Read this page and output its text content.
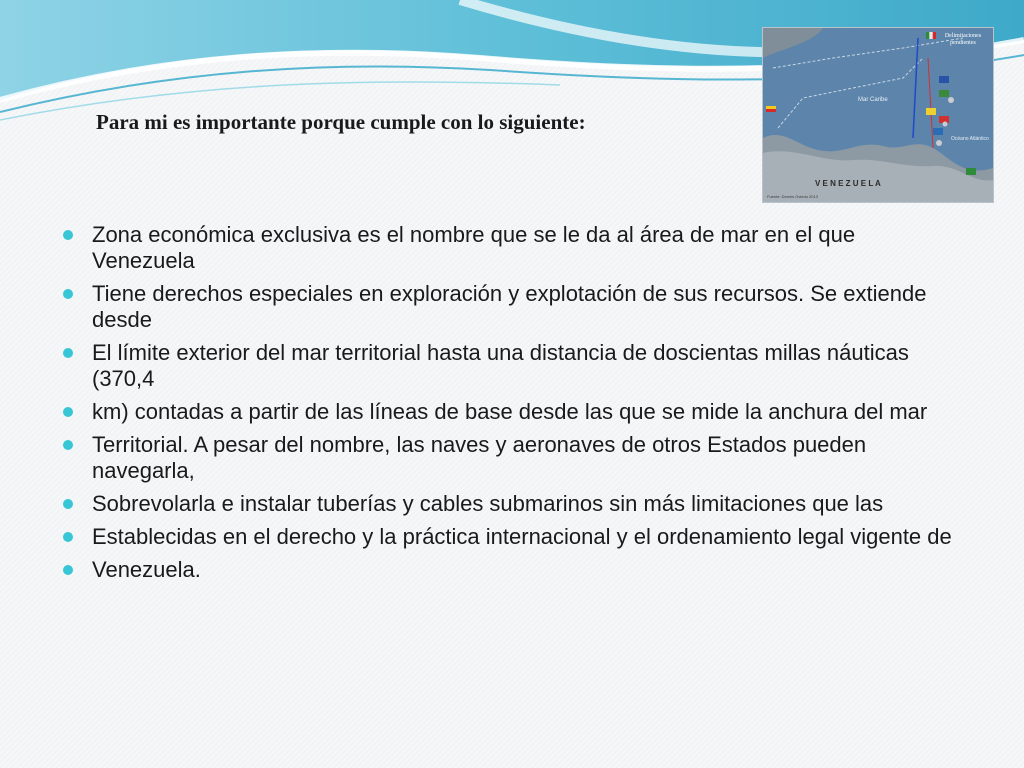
Para mi es importante porque cumple con lo siguiente:
Delimitaciones
pendientes
Mar Caribe
Océano Atlántico
V E N E Z U E L A
Fuente: Dennis Oviedo 2013
Zona económica exclusiva es el nombre que se le da al área de mar en el que Venezuela
Tiene derechos especiales en exploración y explotación de sus recursos. Se extiende desde
El límite exterior del mar territorial hasta una distancia de doscientas millas náuticas (370,4
km) contadas a partir de las líneas de base desde las que se mide la anchura del mar
Territorial. A pesar del nombre, las naves y aeronaves de otros Estados pueden navegarla,
Sobrevolarla e instalar tuberías y cables submarinos sin más limitaciones que las
Establecidas en el derecho y la práctica internacional y el ordenamiento legal vigente de
Venezuela.
